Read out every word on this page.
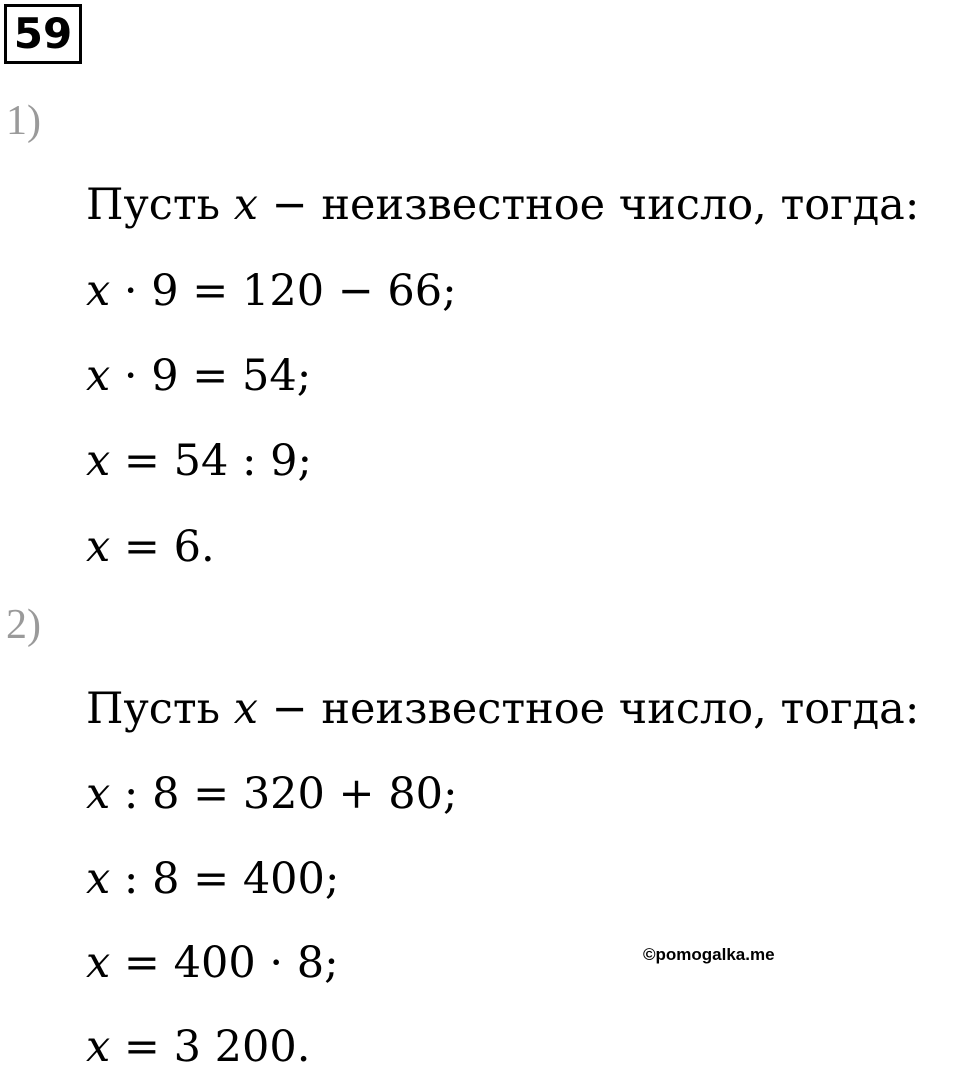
59
1)
Пусть x − неизвестное число, тогда:
x · 9 = 120 − 66;
x · 9 = 54;
x = 54 : 9;
x = 6.
2)
Пусть x − неизвестное число, тогда:
x : 8 = 320 + 80;
x : 8 = 400;
x = 400 · 8;
x = 3 200.
©pomogalka.me
